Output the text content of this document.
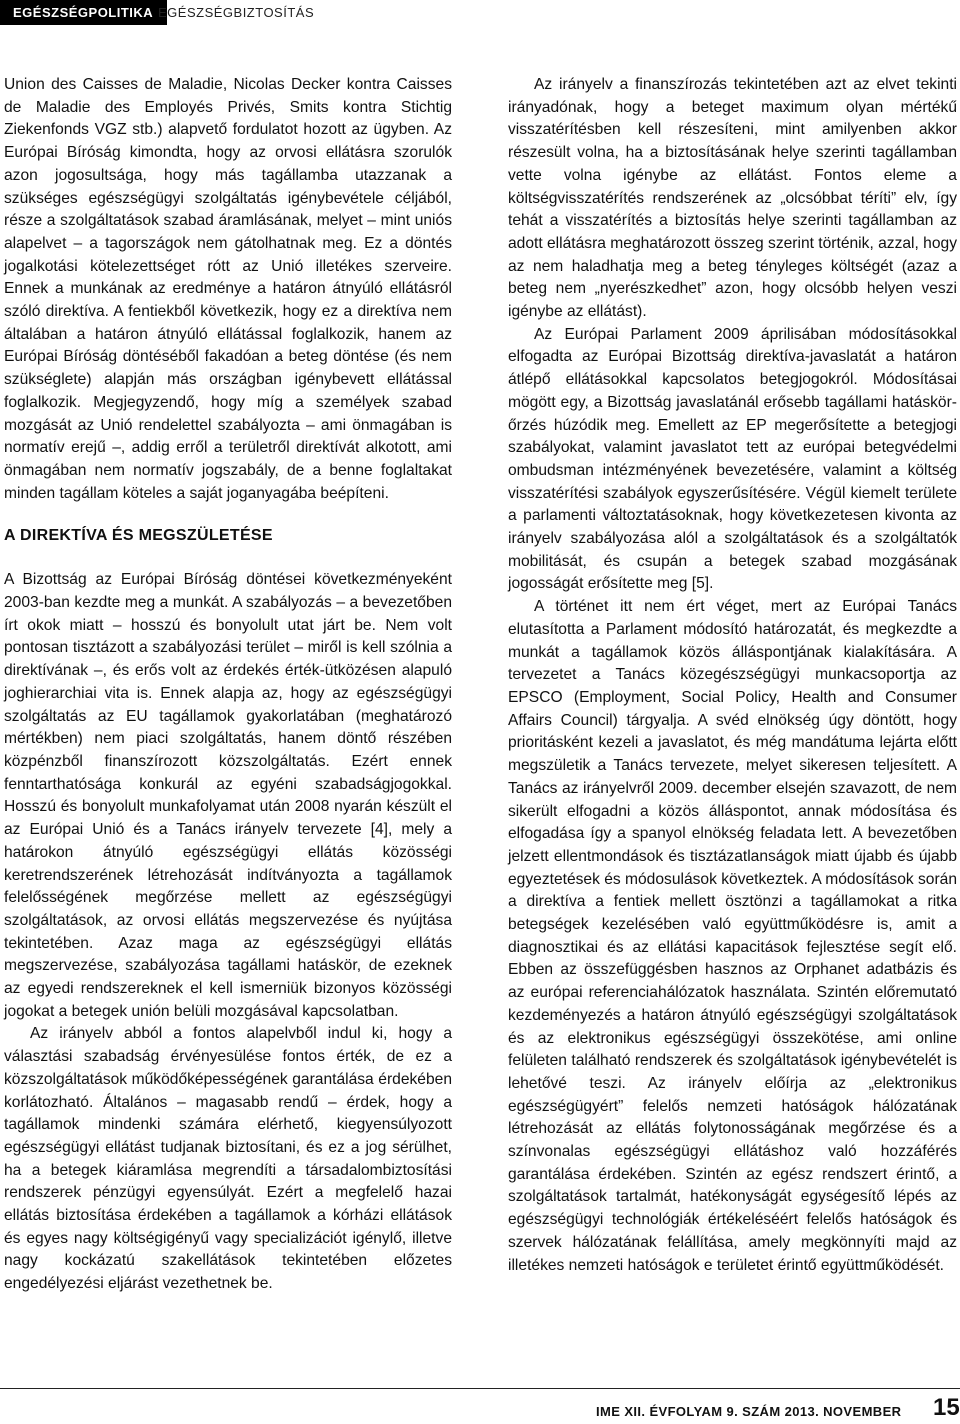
EGÉSZSÉGPOLITIKA EGÉSZSÉGBIZTOSÍTÁS

Union des Caisses de Maladie, Nicolas Decker kontra Caisses de Maladie des Employés Privés, Smits kontra Stichtig Ziekenfonds VGZ stb.) alapvető fordulatot hozott az ügyben. Az Európai Bíróság kimondta, hogy az orvosi ellátásra szorulók azon jogosultsága, hogy más tagállamba utazzanak a szükséges egészségügyi szolgáltatás igénybevétele céljából, része a szolgáltatások szabad áramlásának, melyet – mint uniós alapelvet – a tagországok nem gátolhatnak meg. Ez a döntés jogalkotási kötelezettséget rótt az Unió illetékes szerveire. Ennek a munkának az eredménye a határon átnyúló ellátásról szóló direktíva. A fentiekből következik, hogy ez a direktíva nem általában a határon átnyúló ellátással foglalkozik, hanem az Európai Bíróság döntéséből fakadóan a beteg döntése (és nem szükséglete) alapján más országban igénybevett ellátással foglalkozik. Megjegyzendő, hogy míg a személyek szabad mozgását az Unió rendelettel szabályozta – ami önmagában is normatív erejű –, addig erről a területről direktívát alkotott, ami önmagában nem normatív jogszabály, de a benne foglaltakat minden tagállam köteles a saját joganyagába beépíteni.

A DIREKTÍVA ÉS MEGSZÜLETÉSE

A Bizottság az Európai Bíróság döntései következményeként 2003-ban kezdte meg a munkát. A szabályozás – a bevezetőben írt okok miatt – hosszú és bonyolult utat járt be. Nem volt pontosan tisztázott a szabályozási terület – miről is kell szólnia a direktívának –, és erős volt az érdekés érték-ütközésen alapuló joghierarchiai vita is. Ennek alapja az, hogy az egészségügyi szolgáltatás az EU tagállamok gyakorlatában (meghatározó mértékben) nem piaci szolgáltatás, hanem döntő részében közpénzből finanszírozott közszolgáltatás. Ezért ennek fenntarthatósága konkurál az egyéni szabadságjogokkal. Hosszú és bonyolult munkafolyamat után 2008 nyarán készült el az Európai Unió és a Tanács irányelv tervezete [4], mely a határokon átnyúló egészségügyi ellátás közösségi keretrendszerének létrehozását indítványozta a tagállamok felelősségének megőrzése mellett az egészségügyi szolgáltatások, az orvosi ellátás megszervezése és nyújtása tekintetében. Azaz maga az egészségügyi ellátás megszervezése, szabályozása tagállami hatáskör, de ezeknek az egyedi rendszereknek el kell ismerniük bizonyos közösségi jogokat a betegek unión belüli mozgásával kapcsolatban.

Az irányelv abból a fontos alapelvből indul ki, hogy a választási szabadság érvényesülése fontos érték, de ez a közszolgáltatások működőképességének garantálása érdekében korlátozható. Általános – magasabb rendű – érdek, hogy a tagállamok mindenki számára elérhető, kiegyensúlyozott egészségügyi ellátást tudjanak biztosítani, és ez a jog sérülhet, ha a betegek kiáramlása megrendíti a társadalombiztosítási rendszerek pénzügyi egyensúlyát. Ezért a megfelelő hazai ellátás biztosítása érdekében a tagállamok a kórházi ellátások és egyes nagy költségigényű vagy specializációt igénylő, illetve nagy kockázatú szakellátások tekintetében előzetes engedélyezési eljárást vezethetnek be.

Az irányelv a finanszírozás tekintetében azt az elvet tekinti irányadónak, hogy a beteget maximum olyan mértékű visszatérítésben kell részesíteni, mint amilyenben akkor részesült volna, ha a biztosításának helye szerinti tagállamban vette volna igénybe az ellátást. Fontos eleme a költségvisszatérítés rendszerének az „olcsóbbat téríti” elv, így tehát a visszatérítés a biztosítás helye szerinti tagállamban az adott ellátásra meghatározott összeg szerint történik, azzal, hogy az nem haladhatja meg a beteg tényleges költségét (azaz a beteg nem „nyerészkedhet” azon, hogy olcsóbb helyen veszi igénybe az ellátást).

Az Európai Parlament 2009 áprilisában módosításokkal elfogadta az Európai Bizottság direktíva-javaslatát a határon átlépő ellátásokkal kapcsolatos betegjogokról. Módosításai mögött egy, a Bizottság javaslatánál erősebb tagállami hatáskör-őrzés húzódik meg. Emellett az EP megerősítette a betegjogi szabályokat, valamint javaslatot tett az európai betegvédelmi ombudsman intézményének bevezetésére, valamint a költség visszatérítési szabályok egyszerűsítésére. Végül kiemelt területe a parlamenti változtatásoknak, hogy következetesen kivonta az irányelv szabályozása alól a szolgáltatások és a szolgáltatók mobilitását, és csupán a betegek szabad mozgásának jogosságát erősítette meg [5].

A történet itt nem ért véget, mert az Európai Tanács elutasította a Parlament módosító határozatát, és megkezdte a munkát a tagállamok közös álláspontjának kialakítására. A tervezetet a Tanács közegészségügyi munkacsoportja az EPSCO (Employment, Social Policy, Health and Consumer Affairs Council) tárgyalja. A svéd elnökség úgy döntött, hogy prioritásként kezeli a javaslatot, és még mandátuma lejárta előtt megszületik a Tanács tervezete, melyet sikeresen teljesített. A Tanács az irányelvről 2009. december elsején szavazott, de nem sikerült elfogadni a közös álláspontot, annak módosítása és elfogadása így a spanyol elnökség feladata lett. A bevezetőben jelzett ellentmondások és tisztázatlanságok miatt újabb és újabb egyeztetések és módosulások következtek. A módosítások során a direktíva a fentiek mellett ösztönzi a tagállamokat a ritka betegségek kezelésében való együttműködésre is, amit a diagnosztikai és az ellátási kapacitások fejlesztése segít elő. Ebben az összefüggésben hasznos az Orphanet adatbázis és az európai referenciahálózatok használata. Szintén előremutató kezdeményezés a határon átnyúló egészségügyi szolgáltatások és az elektronikus egészségügyi összekötése, ami online felületen található rendszerek és szolgáltatások igénybevételét is lehetővé teszi. Az irányelv előírja az „elektronikus egészségügyért” felelős nemzeti hatóságok hálózatának létrehozását az ellátás folytonosságának megőrzése és a színvonalas egészségügyi ellátáshoz való hozzáférés garantálása érdekében. Szintén az egész rendszert érintő, a szolgáltatások tartalmát, hatékonyságát egységesítő lépés az egészségügyi technológiák értékeléséért felelős hatóságok és szervek hálózatának felállítása, amely megkönnyíti majd az illetékes nemzeti hatóságok e területet érintő együttműködését.

IME XII. ÉVFOLYAM 9. SZÁM 2013. NOVEMBER 15
